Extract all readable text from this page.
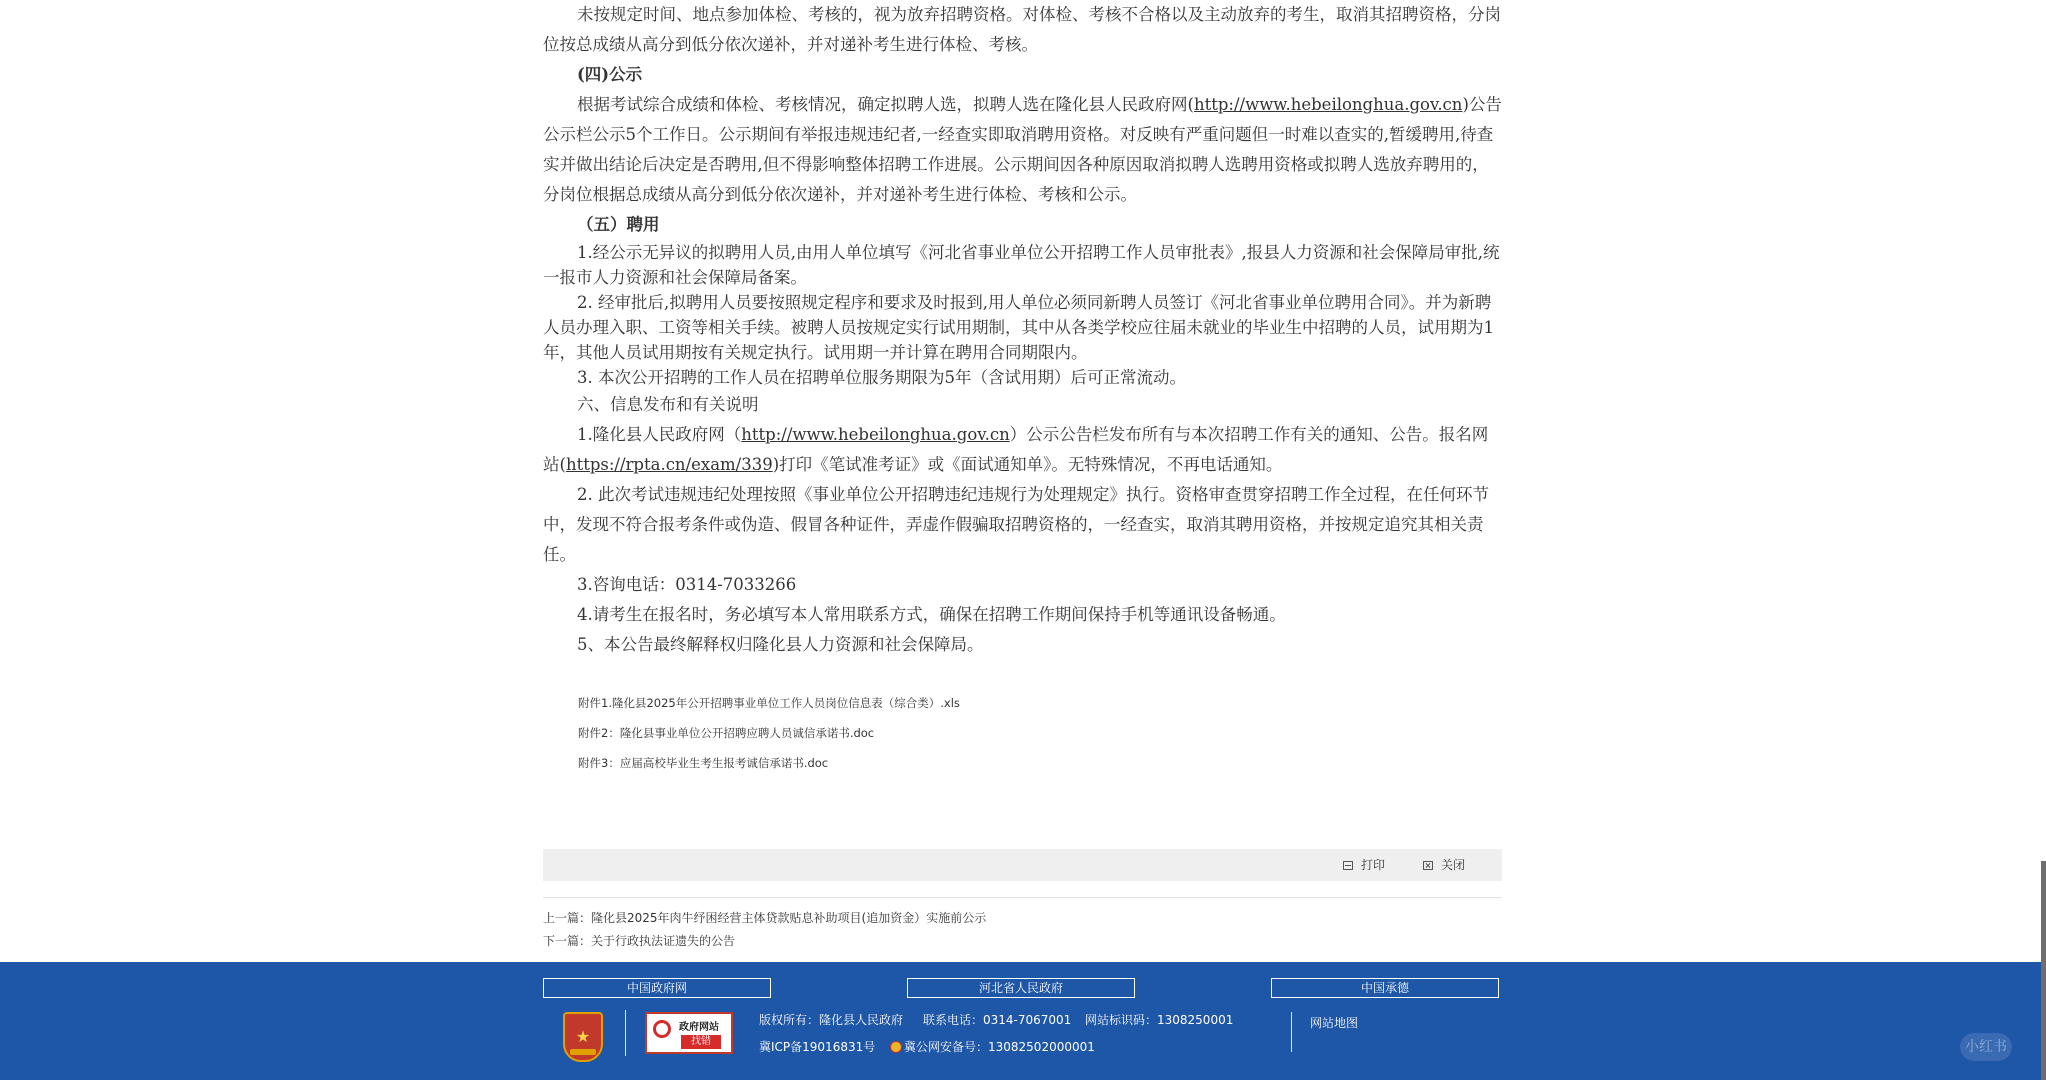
未按规定时间、地点参加体检、考核的，视为放弃招聘资格。对体检、考核不合格以及主动放弃的考生，取消其招聘资格，分岗位按总成绩从高分到低分依次递补，并对递补考生进行体检、考核。

(四)公示

根据考试综合成绩和体检、考核情况，确定拟聘人选，拟聘人选在隆化县人民政府网(http://www.hebeilonghua.gov.cn)公告公示栏公示5个工作日。公示期间有举报违规违纪者,一经查实即取消聘用资格。对反映有严重问题但一时难以查实的,暂缓聘用,待查实并做出结论后决定是否聘用,但不得影响整体招聘工作进展。公示期间因各种原因取消拟聘人选聘用资格或拟聘人选放弃聘用的，分岗位根据总成绩从高分到低分依次递补，并对递补考生进行体检、考核和公示。

（五）聘用

1.经公示无异议的拟聘用人员,由用人单位填写《河北省事业单位公开招聘工作人员审批表》,报县人力资源和社会保障局审批,统一报市人力资源和社会保障局备案。

2. 经审批后,拟聘用人员要按照规定程序和要求及时报到,用人单位必须同新聘人员签订《河北省事业单位聘用合同》。并为新聘人员办理入职、工资等相关手续。被聘人员按规定实行试用期制，其中从各类学校应往届未就业的毕业生中招聘的人员，试用期为1年，其他人员试用期按有关规定执行。试用期一并计算在聘用合同期限内。

3. 本次公开招聘的工作人员在招聘单位服务期限为5年（含试用期）后可正常流动。

六、信息发布和有关说明

1.隆化县人民政府网（http://www.hebeilonghua.gov.cn）公示公告栏发布所有与本次招聘工作有关的通知、公告。报名网站(https://rpta.cn/exam/339)打印《笔试准考证》或《面试通知单》。无特殊情况，不再电话通知。

2. 此次考试违规违纪处理按照《事业单位公开招聘违纪违规行为处理规定》执行。资格审查贯穿招聘工作全过程，在任何环节中，发现不符合报考条件或伪造、假冒各种证件，弄虚作假骗取招聘资格的，一经查实，取消其聘用资格，并按规定追究其相关责任。

3.咨询电话：0314-7033266

4.请考生在报名时，务必填写本人常用联系方式，确保在招聘工作期间保持手机等通讯设备畅通。

5、本公告最终解释权归隆化县人力资源和社会保障局。

附件1.隆化县2025年公开招聘事业单位工作人员岗位信息表（综合类）.xls
附件2：隆化县事业单位公开招聘应聘人员诚信承诺书.doc
附件3：应届高校毕业生考生报考诚信承诺书.doc
打印	关闭
上一篇：隆化县2025年肉牛纾困经营主体贷款贴息补助项目(追加资金）实施前公示
下一篇：关于行政执法证遗失的公告
中国政府网	河北省人民政府	中国承德
★	政府网站
找错
版权所有：隆化县人民政府 联系电话：0314-7067001 网站标识码：1308250001
冀ICP备19016831号	冀公网安备号：13082502000001
网站地图
小红书
